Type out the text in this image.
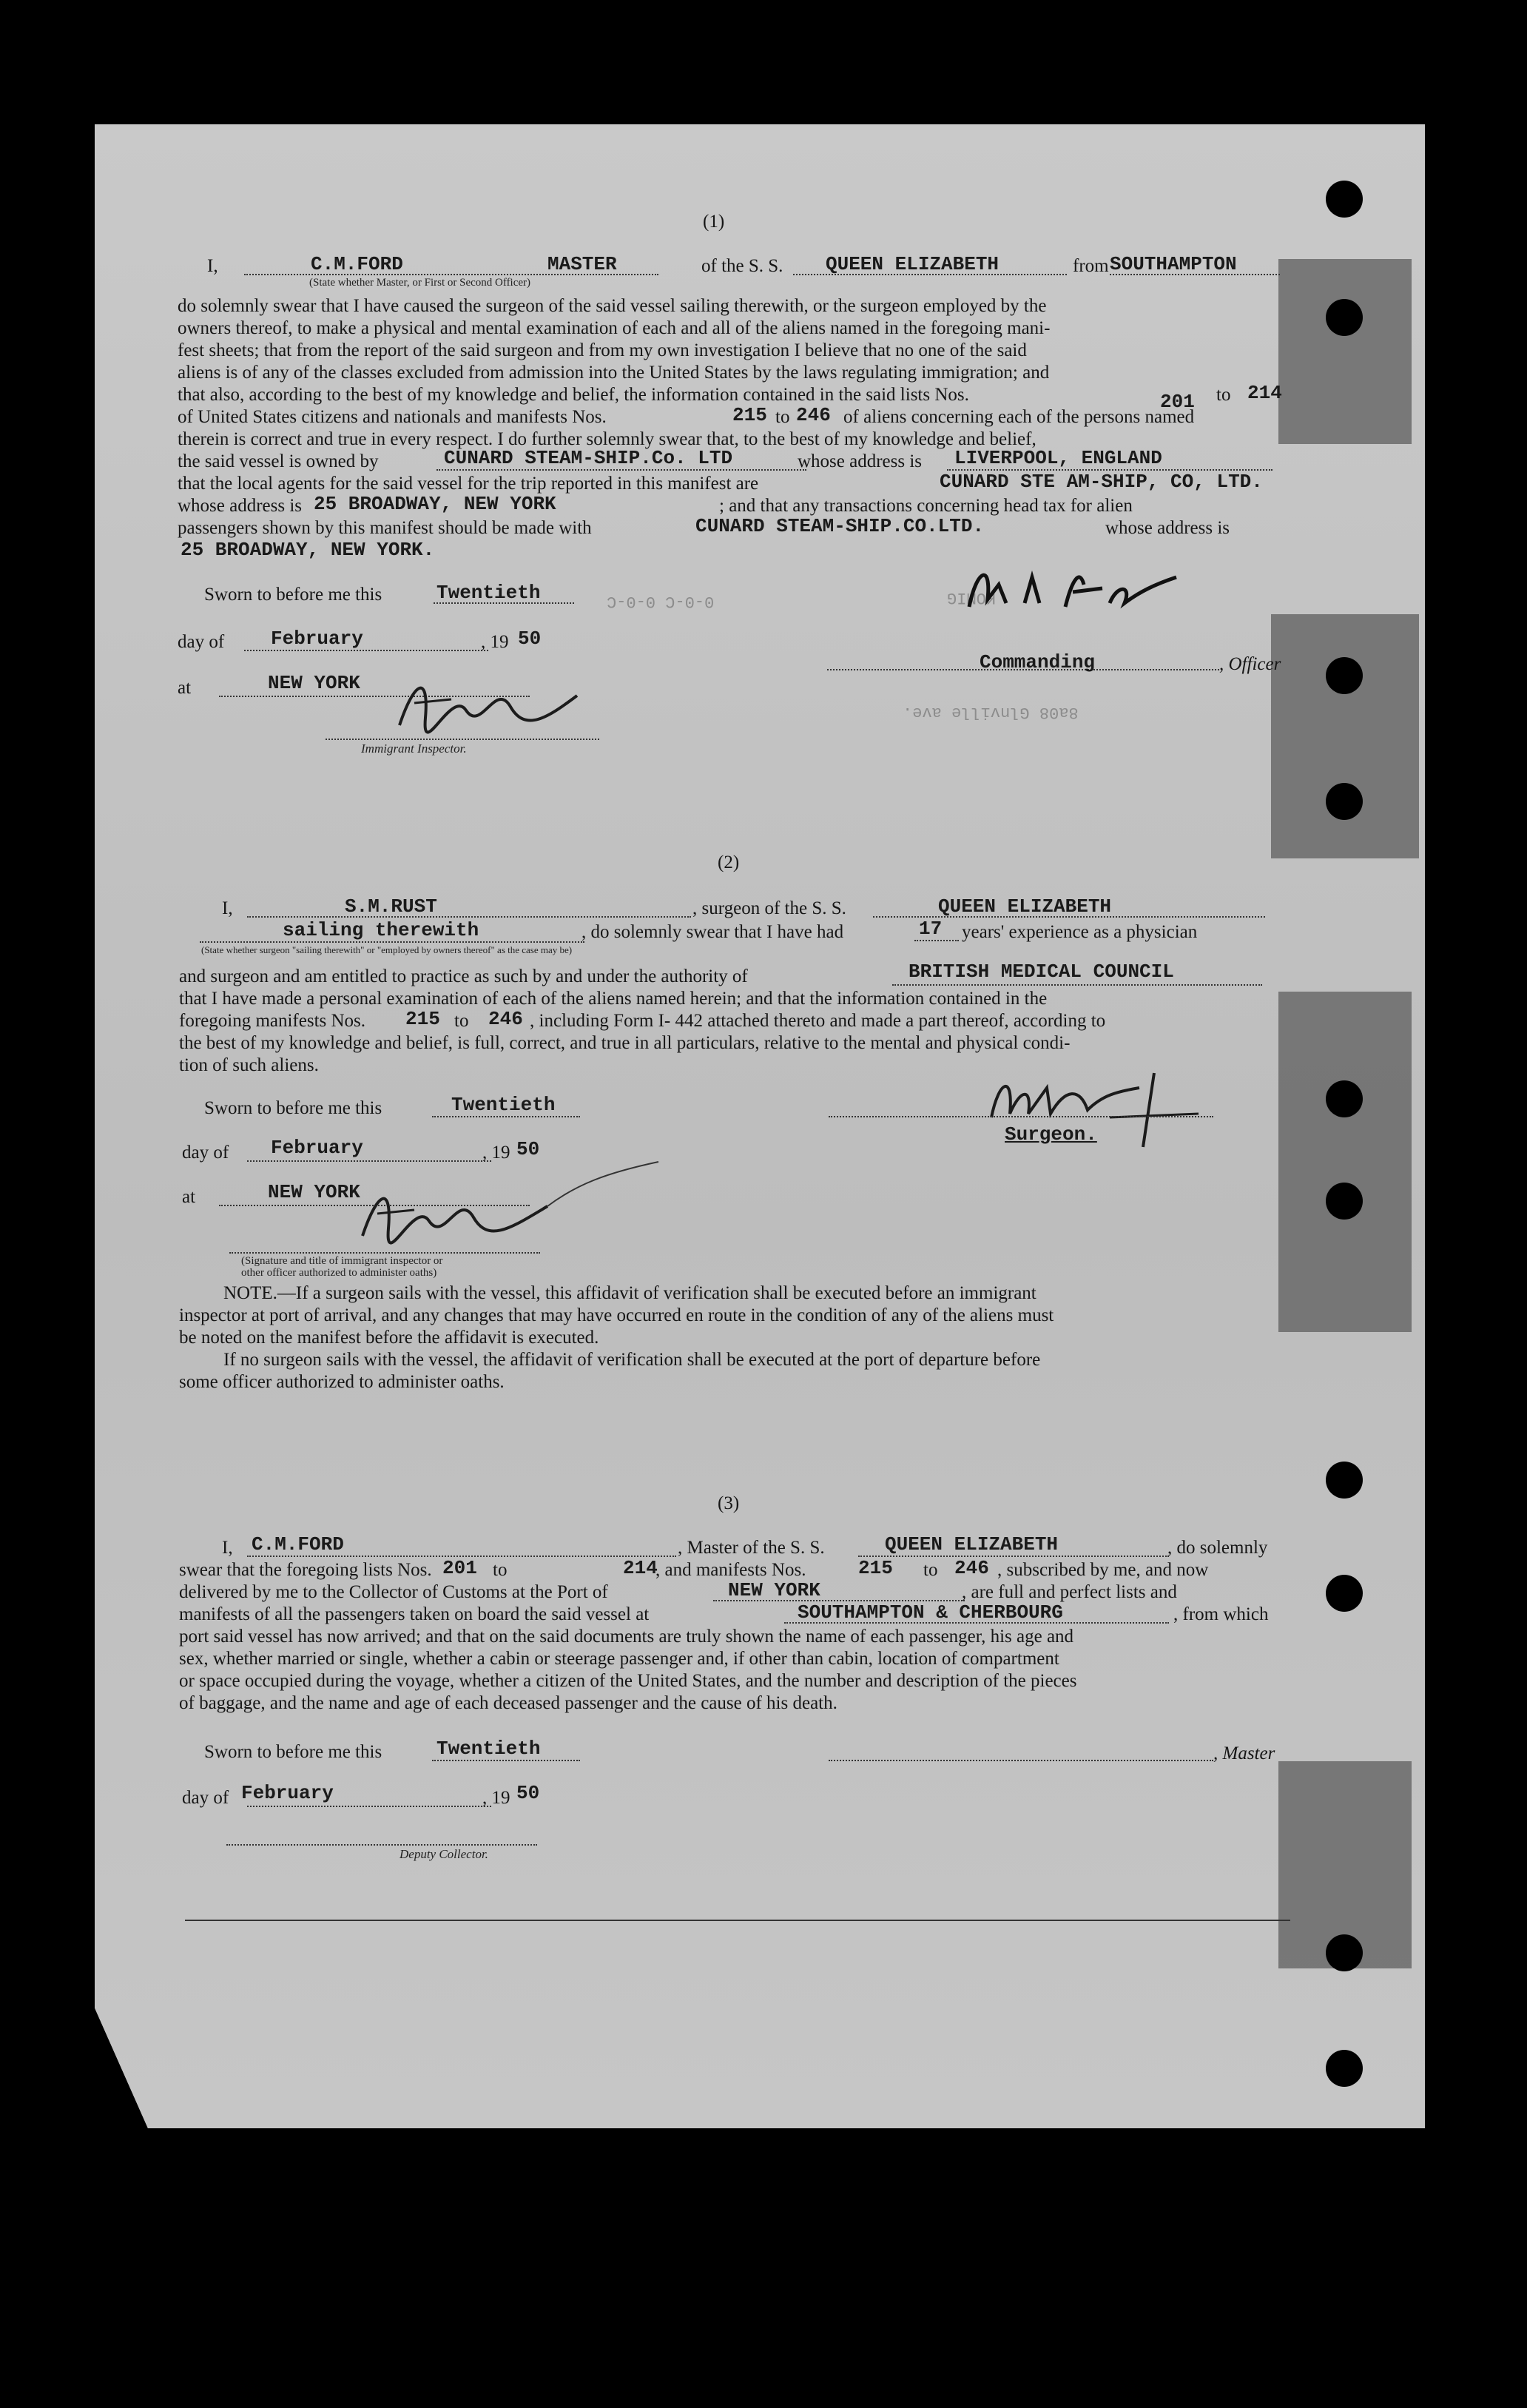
0-0-C 0-0-C	KOMIG
8a08 Glnville ave.
(1)
I,	C.M.FORD	MASTER
(State whether Master, or First or Second Officer)
of the S. S. QUEEN ELIZABETH	from SOUTHAMPTON
do solemnly swear that I have caused the surgeon of the said vessel sailing therewith, or the surgeon employed by the
owners thereof, to make a physical and mental examination of each and all of the aliens named in the foregoing mani-
fest sheets; that from the report of the said surgeon and from my own investigation I believe that no one of the said
aliens is of any of the classes excluded from admission into the United States by the laws regulating immigration; and
that also, according to the best of my knowledge and belief, the information contained in the said lists Nos.	201 to 214
of United States citizens and nationals and manifests Nos.	215 to 246 of aliens concerning each of the persons named
therein is correct and true in every respect. I do further solemnly swear that, to the best of my knowledge and belief,
the said vessel is owned by	CUNARD STEAM-SHIP.Co. LTD	whose address is LIVERPOOL, ENGLAND
that the local agents for the said vessel for the trip reported in this manifest are	CUNARD STE AM-SHIP, CO, LTD.
whose address is 25 BROADWAY, NEW YORK	; and that any transactions concerning head tax for alien
passengers shown by this manifest should be made with	CUNARD STEAM-SHIP.CO.LTD.	whose address is
25 BROADWAY, NEW YORK.
Sworn to before me this	Twentieth
day of February	, 19 50
at	NEW YORK
Immigrant Inspector.
Commanding	, Officer
(2)
I,	S.M.RUST	, surgeon of the S. S.	QUEEN ELIZABETH
sailing therewith
(State whether surgeon "sailing therewith" or "employed by owners thereof" as the case may be)
, do solemnly swear that I have had	17 years' experience as a physician
and surgeon and am entitled to practice as such by and under the authority of	BRITISH MEDICAL COUNCIL
that I have made a personal examination of each of the aliens named herein; and that the information contained in the
foregoing manifests Nos. 215 to 246 , including Form I- 442 attached thereto and made a part thereof, according to
the best of my knowledge and belief, is full, correct, and true in all particulars, relative to the mental and physical condi-
tion of such aliens.
Sworn to before me this	Twentieth
day of February	, 19 50
at	NEW YORK
(Signature and title of immigrant inspector or
other officer authorized to administer oaths)
Surgeon.
NOTE.—If a surgeon sails with the vessel, this affidavit of verification shall be executed before an immigrant
inspector at port of arrival, and any changes that may have occurred en route in the condition of any of the aliens must
be noted on the manifest before the affidavit is executed.
If no surgeon sails with the vessel, the affidavit of verification shall be executed at the port of departure before
some officer authorized to administer oaths.
(3)
I, C.M.FORD	, Master of the S. S.	QUEEN ELIZABETH	, do solemnly
swear that the foregoing lists Nos. 201 to	214
, and manifests Nos.	215 to 246 , subscribed by me, and now
delivered by me to the Collector of Customs at the Port of	NEW YORK	, are full and perfect lists and
manifests of all the passengers taken on board the said vessel at	SOUTHAMPTON & CHERBOURG	, from which
port said vessel has now arrived; and that on the said documents are truly shown the name of each passenger, his age and
sex, whether married or single, whether a cabin or steerage passenger and, if other than cabin, location of compartment
or space occupied during the voyage, whether a citizen of the United States, and the number and description of the pieces
of baggage, and the name and age of each deceased passenger and the cause of his death.
Sworn to before me this	Twentieth	, Master
day of February	, 19 50
Deputy Collector.
